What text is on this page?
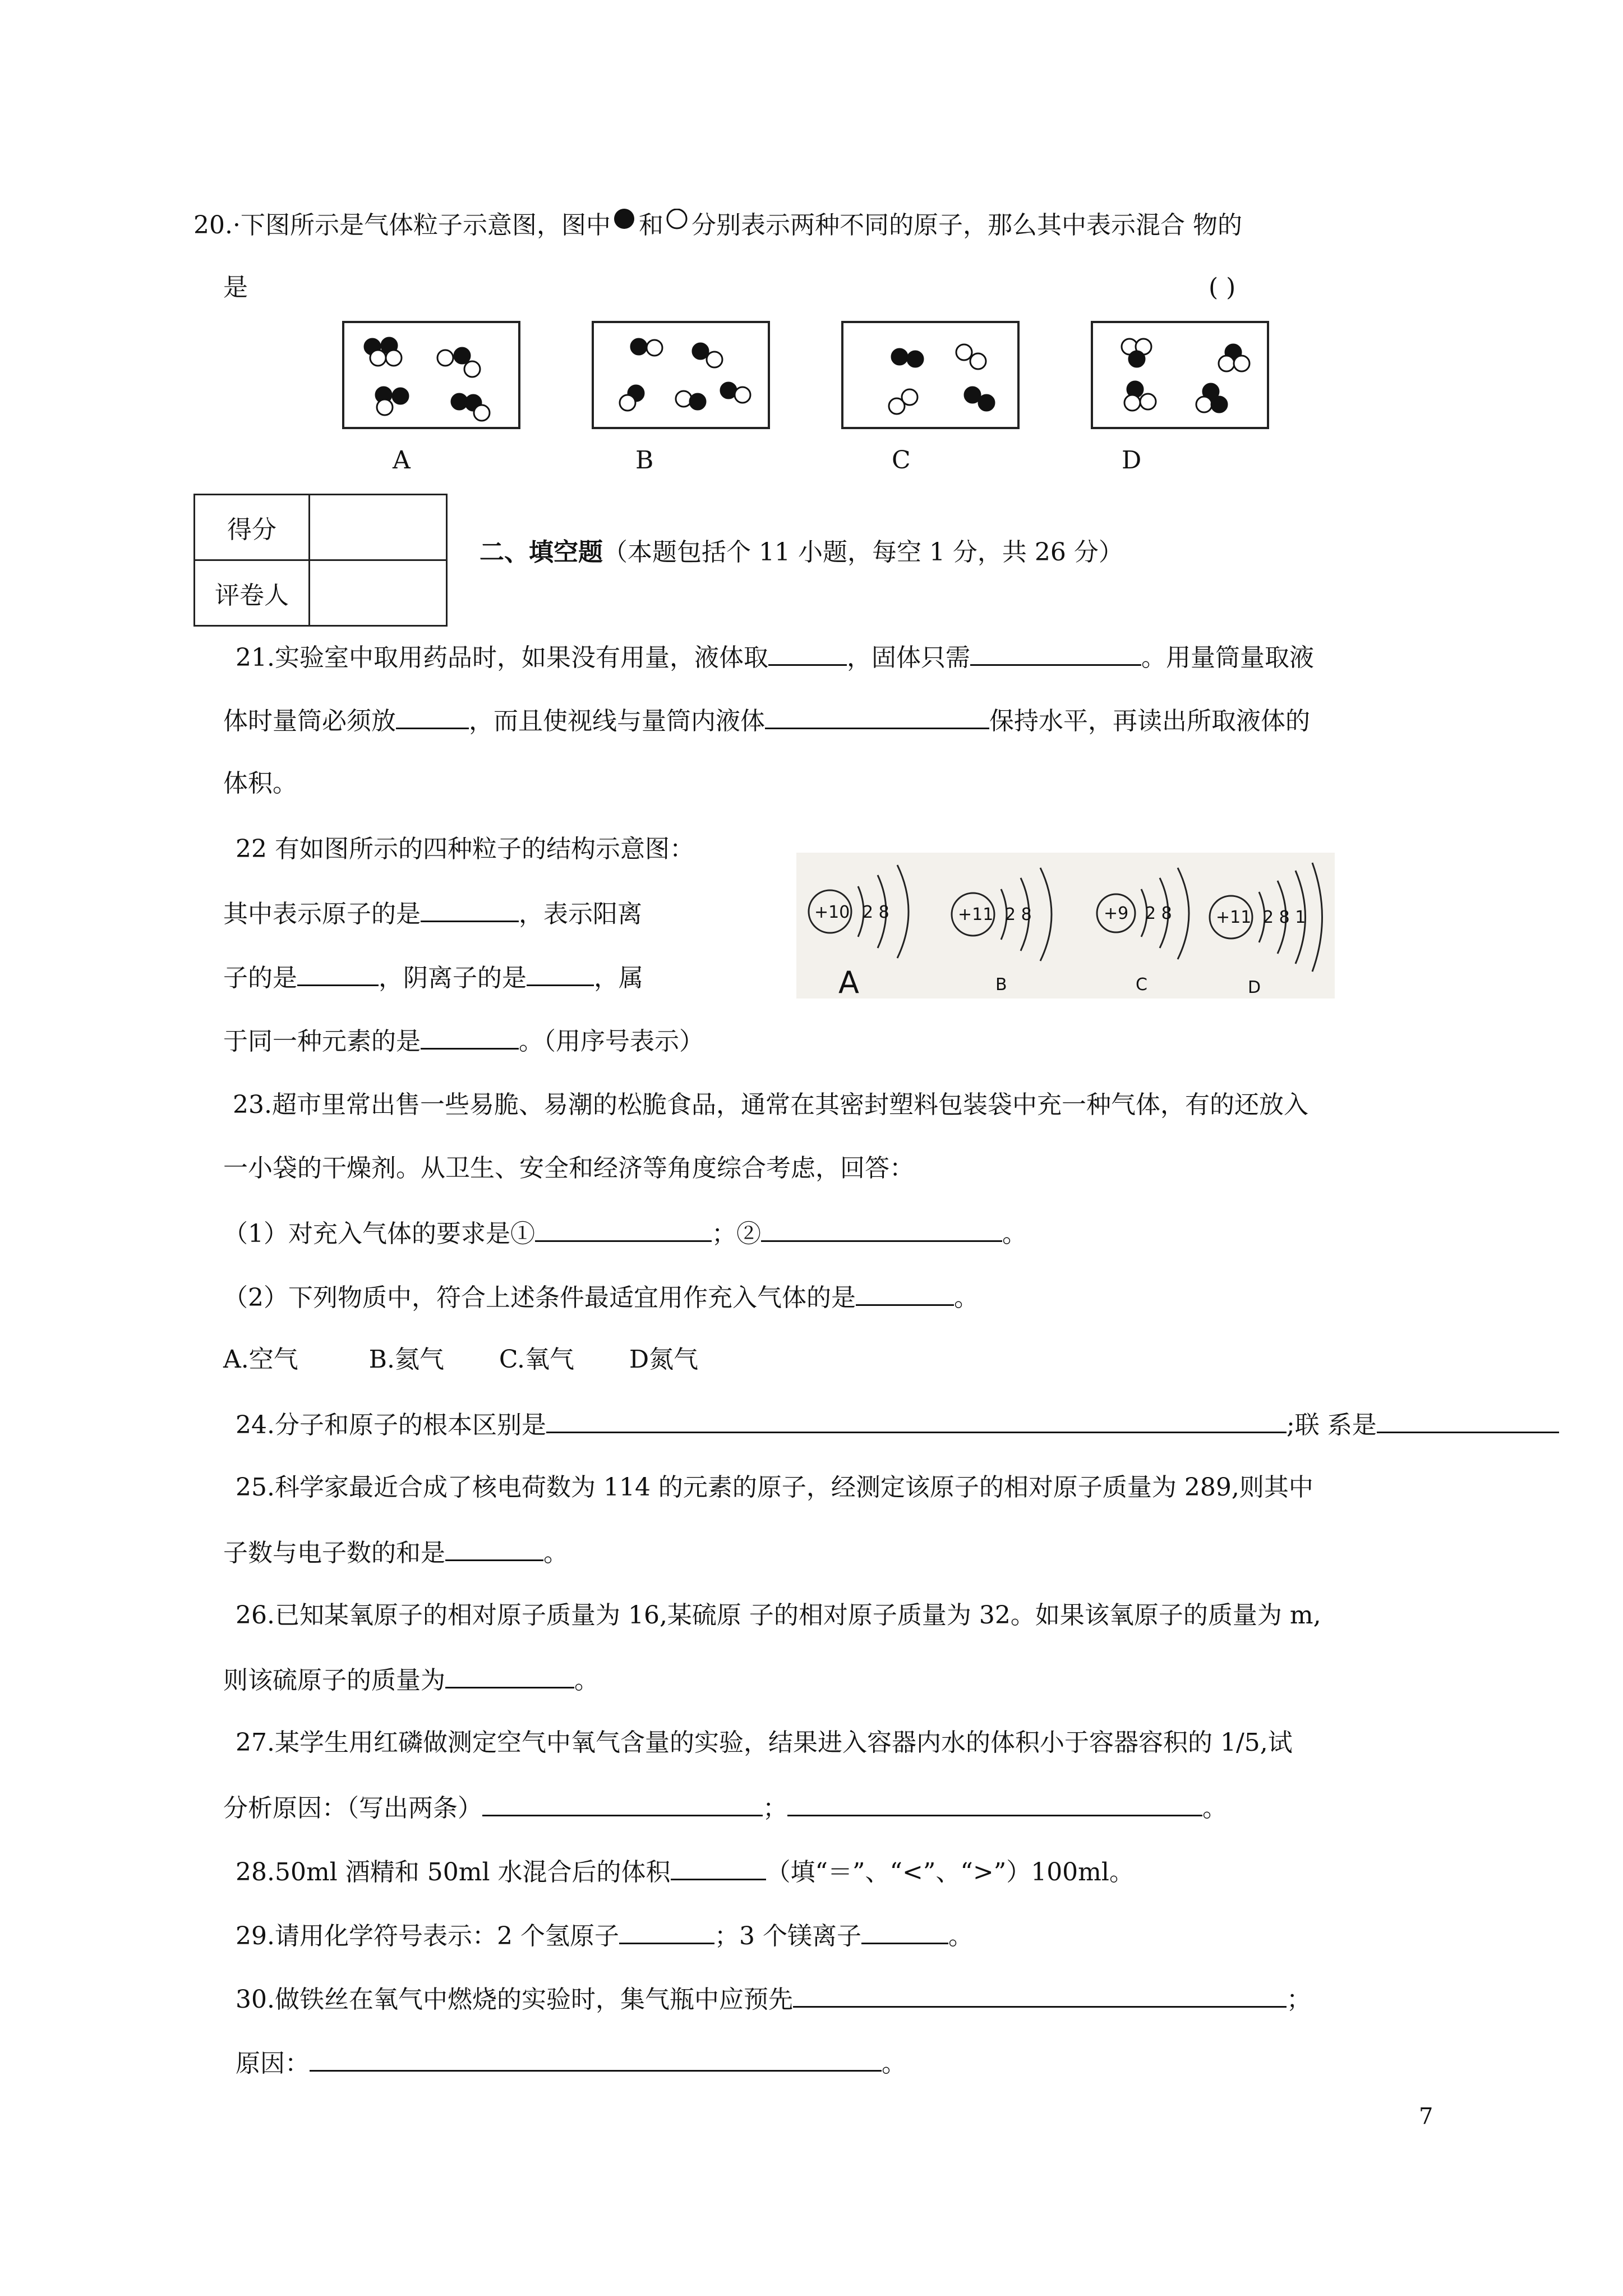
20.·下图所示是气体粒子示意图，图中 和 分别表示两种不同的原子，那么其中表示混合 物的
是	( )
A	B	C	D
得分	
评卷人	
二、填空题（本题包括个 11 小题，每空 1 分，共 26 分）
21.实验室中取用药品时，如果没有用量，液体取	，固体只需	。用量筒量取液
体时量筒必须放	，而且使视线与量筒内液体	保持水平，再读出所取液体的
体积。
22 有如图所示的四种粒子的结构示意图：
其中表示原子的是	，表示阳离
子的是	，阴离子的是	，属
于同一种元素的是	。（用序号表示）
+10 2 8	+11 2 8	+9 2 8	+11 2 8 1
A	B	C	D
23.超市里常出售一些易脆、易潮的松脆食品，通常在其密封塑料包装袋中充一种气体，有的还放入
一小袋的干燥剂。从卫生、安全和经济等角度综合考虑，回答：
（1）对充入气体的要求是①	；②	。
（2）下列物质中，符合上述条件最适宜用作充入气体的是	。
A.空气         B.氦气       C.氧气       D氮气
24.分子和原子的根本区别是	;联 系是
25.科学家最近合成了核电荷数为 114 的元素的原子，经测定该原子的相对原子质量为 289,则其中
子数与电子数的和是	。
26.已知某氧原子的相对原子质量为 16,某硫原 子的相对原子质量为 32。如果该氧原子的质量为 m,
则该硫原子的质量为	。
27.某学生用红磷做测定空气中氧气含量的实验，结果进入容器内水的体积小于容器容积的 1/5,试
分析原因：（写出两条）	；	。
28.50ml 酒精和 50ml 水混合后的体积	（填“＝”、“<”、“>”）100ml。
29.请用化学符号表示：2 个氢原子	；3 个镁离子	。
30.做铁丝在氧气中燃烧的实验时，集气瓶中应预先	；
原因：	。
7
